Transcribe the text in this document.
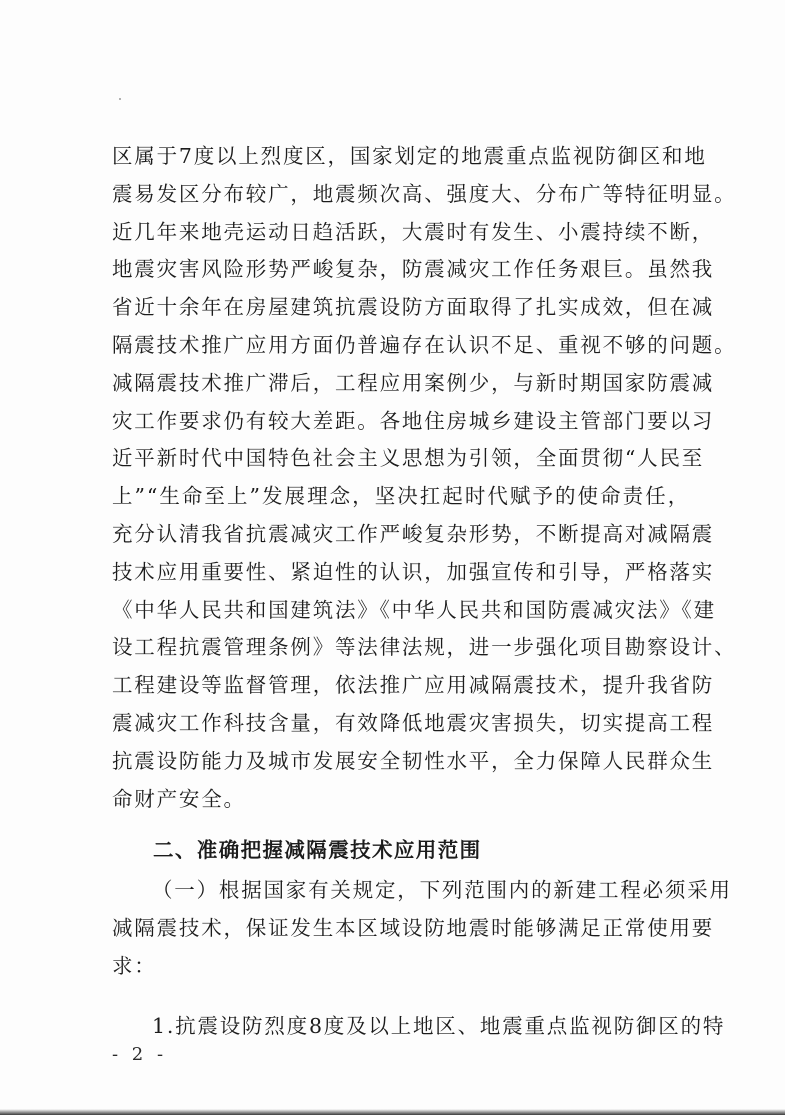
区属于7度以上烈度区，国家划定的地震重点监视防御区和地
震易发区分布较广，地震频次高、强度大、分布广等特征明显。
近几年来地壳运动日趋活跃，大震时有发生、小震持续不断，
地震灾害风险形势严峻复杂，防震减灾工作任务艰巨。虽然我
省近十余年在房屋建筑抗震设防方面取得了扎实成效，但在减
隔震技术推广应用方面仍普遍存在认识不足、重视不够的问题。
减隔震技术推广滞后，工程应用案例少，与新时期国家防震减
灾工作要求仍有较大差距。各地住房城乡建设主管部门要以习
近平新时代中国特色社会主义思想为引领，全面贯彻“人民至
上”“生命至上”发展理念，坚决扛起时代赋予的使命责任，
充分认清我省抗震减灾工作严峻复杂形势，不断提高对减隔震
技术应用重要性、紧迫性的认识，加强宣传和引导，严格落实
《中华人民共和国建筑法》《中华人民共和国防震减灾法》《建
设工程抗震管理条例》等法律法规，进一步强化项目勘察设计、
工程建设等监督管理，依法推广应用减隔震技术，提升我省防
震减灾工作科技含量，有效降低地震灾害损失，切实提高工程
抗震设防能力及城市发展安全韧性水平，全力保障人民群众生
命财产安全。
二、准确把握减隔震技术应用范围
（一）根据国家有关规定，下列范围内的新建工程必须采用
减隔震技术，保证发生本区域设防地震时能够满足正常使用要
求：
1.抗震设防烈度8度及以上地区、地震重点监视防御区的特
- 2 -
